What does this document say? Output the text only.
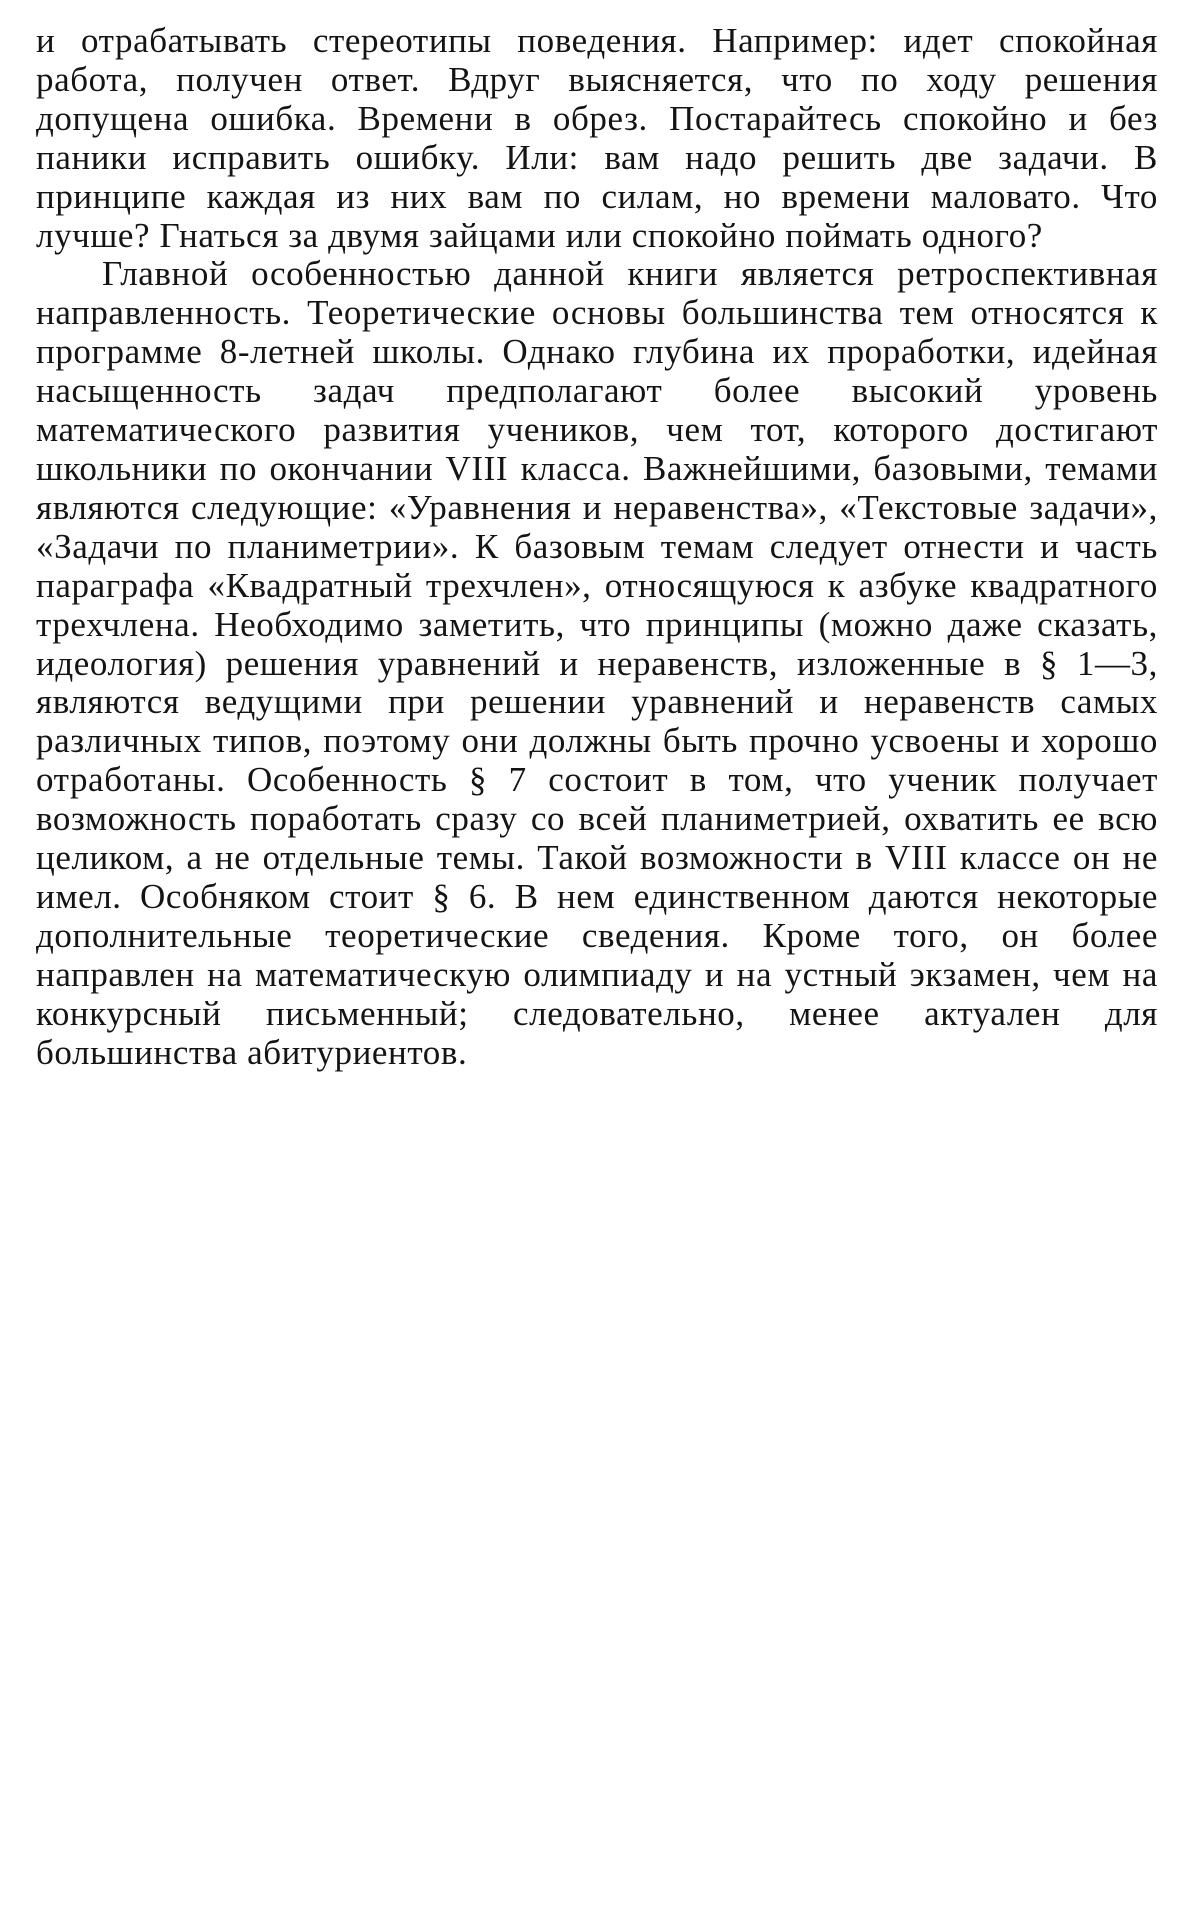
и отрабатывать стереотипы поведения. Например: идет спокойная работа, получен ответ. Вдруг выясняется, что по ходу решения допущена ошибка. Времени в обрез. Постарайтесь спокойно и без паники исправить ошибку. Или: вам надо решить две задачи. В принципе каждая из них вам по силам, но времени маловато. Что лучше? Гнаться за двумя зайцами или спокойно поймать одного?

Главной особенностью данной книги является ретроспективная направленность. Теоретические основы большинства тем относятся к программе 8-летней школы. Однако глубина их проработки, идейная насыщенность задач предполагают более высокий уровень математического развития учеников, чем тот, которого достигают школьники по окончании VIII класса. Важнейшими, базовыми, темами являются следующие: «Уравнения и неравенства», «Текстовые задачи», «Задачи по планиметрии». К базовым темам следует отнести и часть параграфа «Квадратный трехчлен», относящуюся к азбуке квадратного трехчлена. Необходимо заметить, что принципы (можно даже сказать, идеология) решения уравнений и неравенств, изложенные в § 1—3, являются ведущими при решении уравнений и неравенств самых различных типов, поэтому они должны быть прочно усвоены и хорошо отработаны. Особенность § 7 состоит в том, что ученик получает возможность поработать сразу со всей планиметрией, охватить ее всю целиком, а не отдельные темы. Такой возможности в VIII классе он не имел. Особняком стоит § 6. В нем единственном даются некоторые дополнительные теоретические сведения. Кроме того, он более направлен на математическую олимпиаду и на устный экзамен, чем на конкурсный письменный; следовательно, менее актуален для большинства абитуриентов.
